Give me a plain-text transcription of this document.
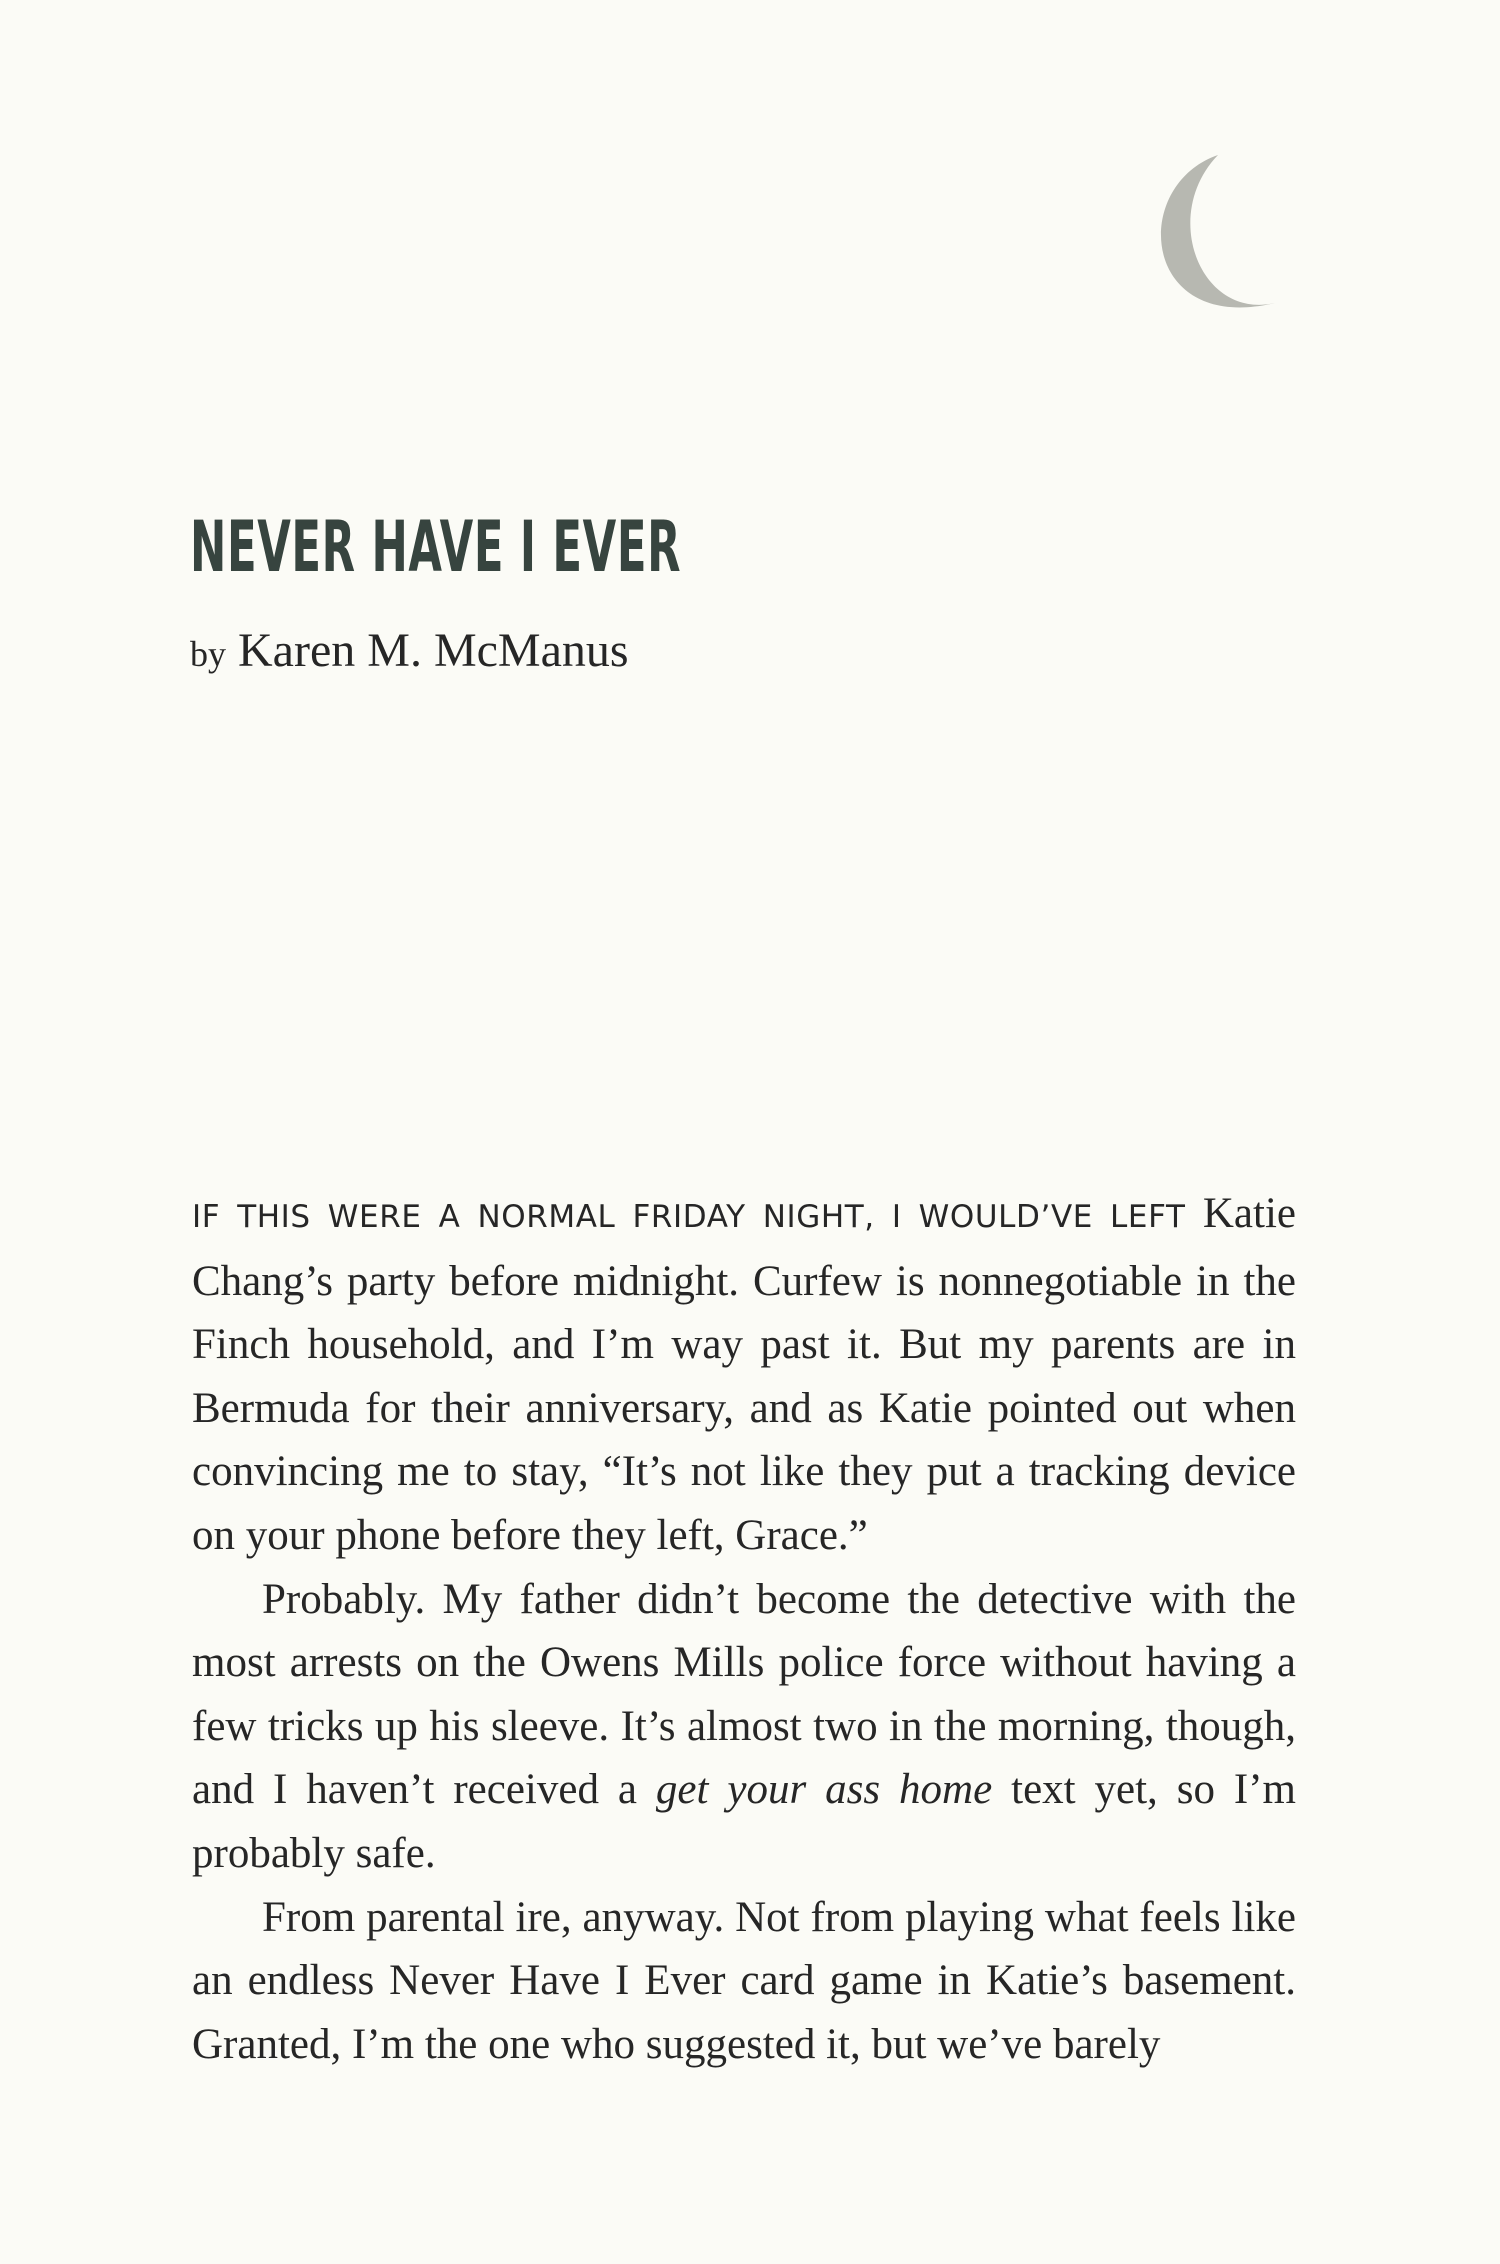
NEVER HAVE I EVER

by Karen M. McManus

IF THIS WERE A NORMAL FRIDAY NIGHT, I WOULD’VE LEFT Katie Chang’s party before midnight. Curfew is nonnegotiable in the Finch household, and I’m way past it. But my parents are in Bermuda for their anniversary, and as Katie pointed out when convincing me to stay, “It’s not like they put a tracking device on your phone before they left, Grace.”

Probably. My father didn’t become the detective with the most arrests on the Owens Mills police force without having a few tricks up his sleeve. It’s almost two in the morning, though, and I haven’t received a get your ass home text yet, so I’m probably safe.

From parental ire, anyway. Not from playing what feels like an endless Never Have I Ever card game in Katie’s basement. Granted, I’m the one who suggested it, but we’ve barely
